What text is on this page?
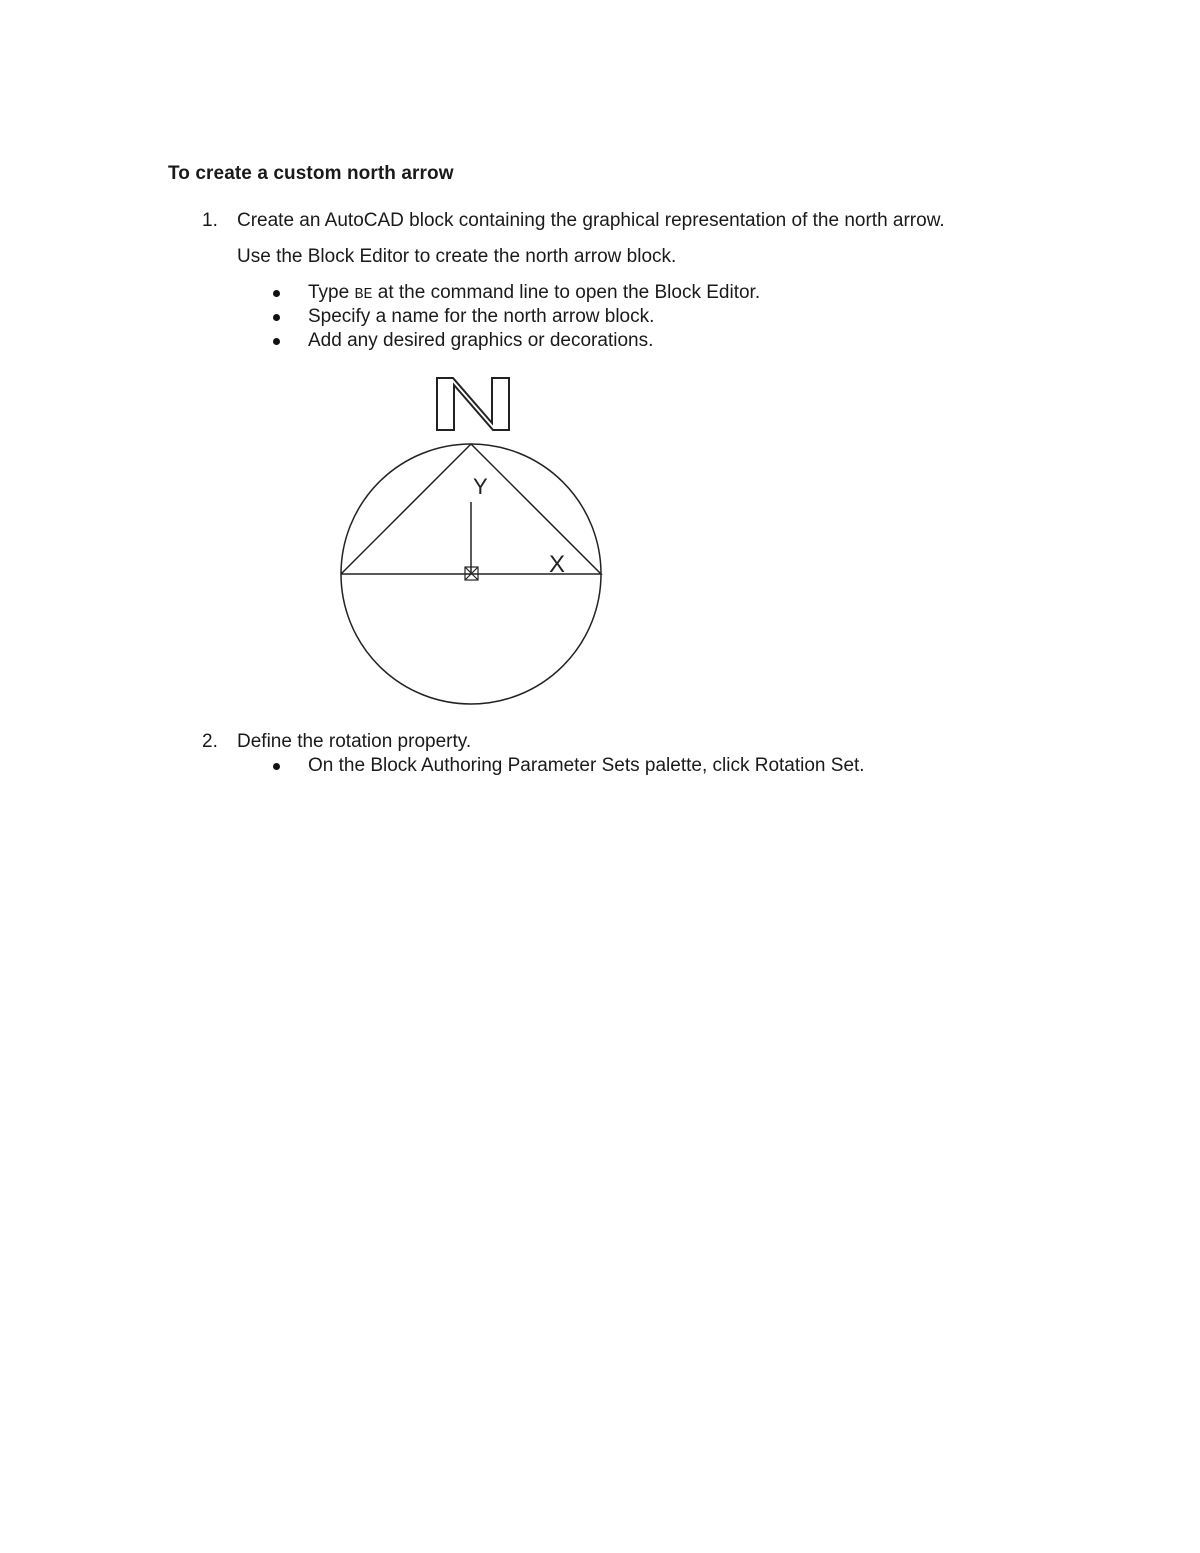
To create a custom north arrow
1. Create an AutoCAD block containing the graphical representation of the north arrow.
Use the Block Editor to create the north arrow block.
Type BE at the command line to open the Block Editor.
Specify a name for the north arrow block.
Add any desired graphics or decorations.
Y
X
N
2. Define the rotation property.
On the Block Authoring Parameter Sets palette, click Rotation Set.
